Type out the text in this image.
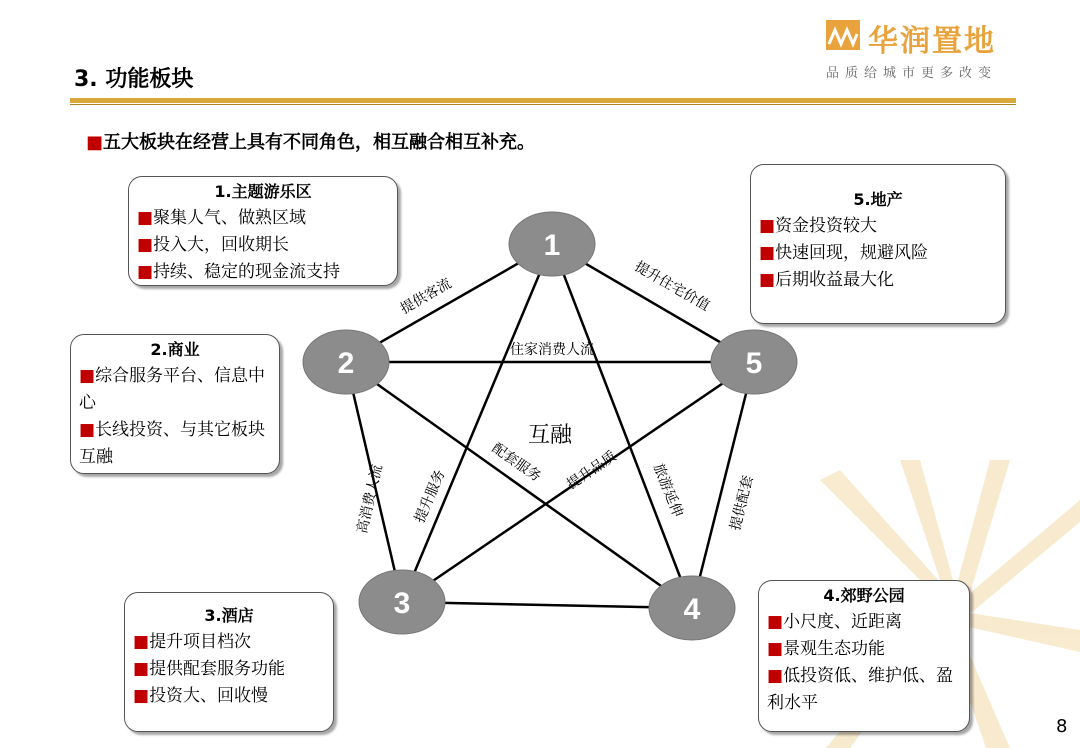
3. 功能板块
华润置地
品质给城市更多改变
■五大板块在经营上具有不同角色，相互融合相互补充。
1
2
3	4
5
提供客流	提升住宅价值
住家消费人流
高消费人流 提升服务
配套服务 提升品质 旅游延伸	提供配套
互融
1.主题游乐区
■聚集人气、做熟区域
■投入大，回收期长
■持续、稳定的现金流支持
2.商业
■综合服务平台、信息中心
■长线投资、与其它板块互融
3.酒店
■提升项目档次
■提供配套服务功能
■投资大、回收慢
4.郊野公园
■小尺度、近距离
■景观生态功能
■低投资低、维护低、盈利水平
5.地产
■资金投资较大
■快速回现，规避风险
■后期收益最大化
8
